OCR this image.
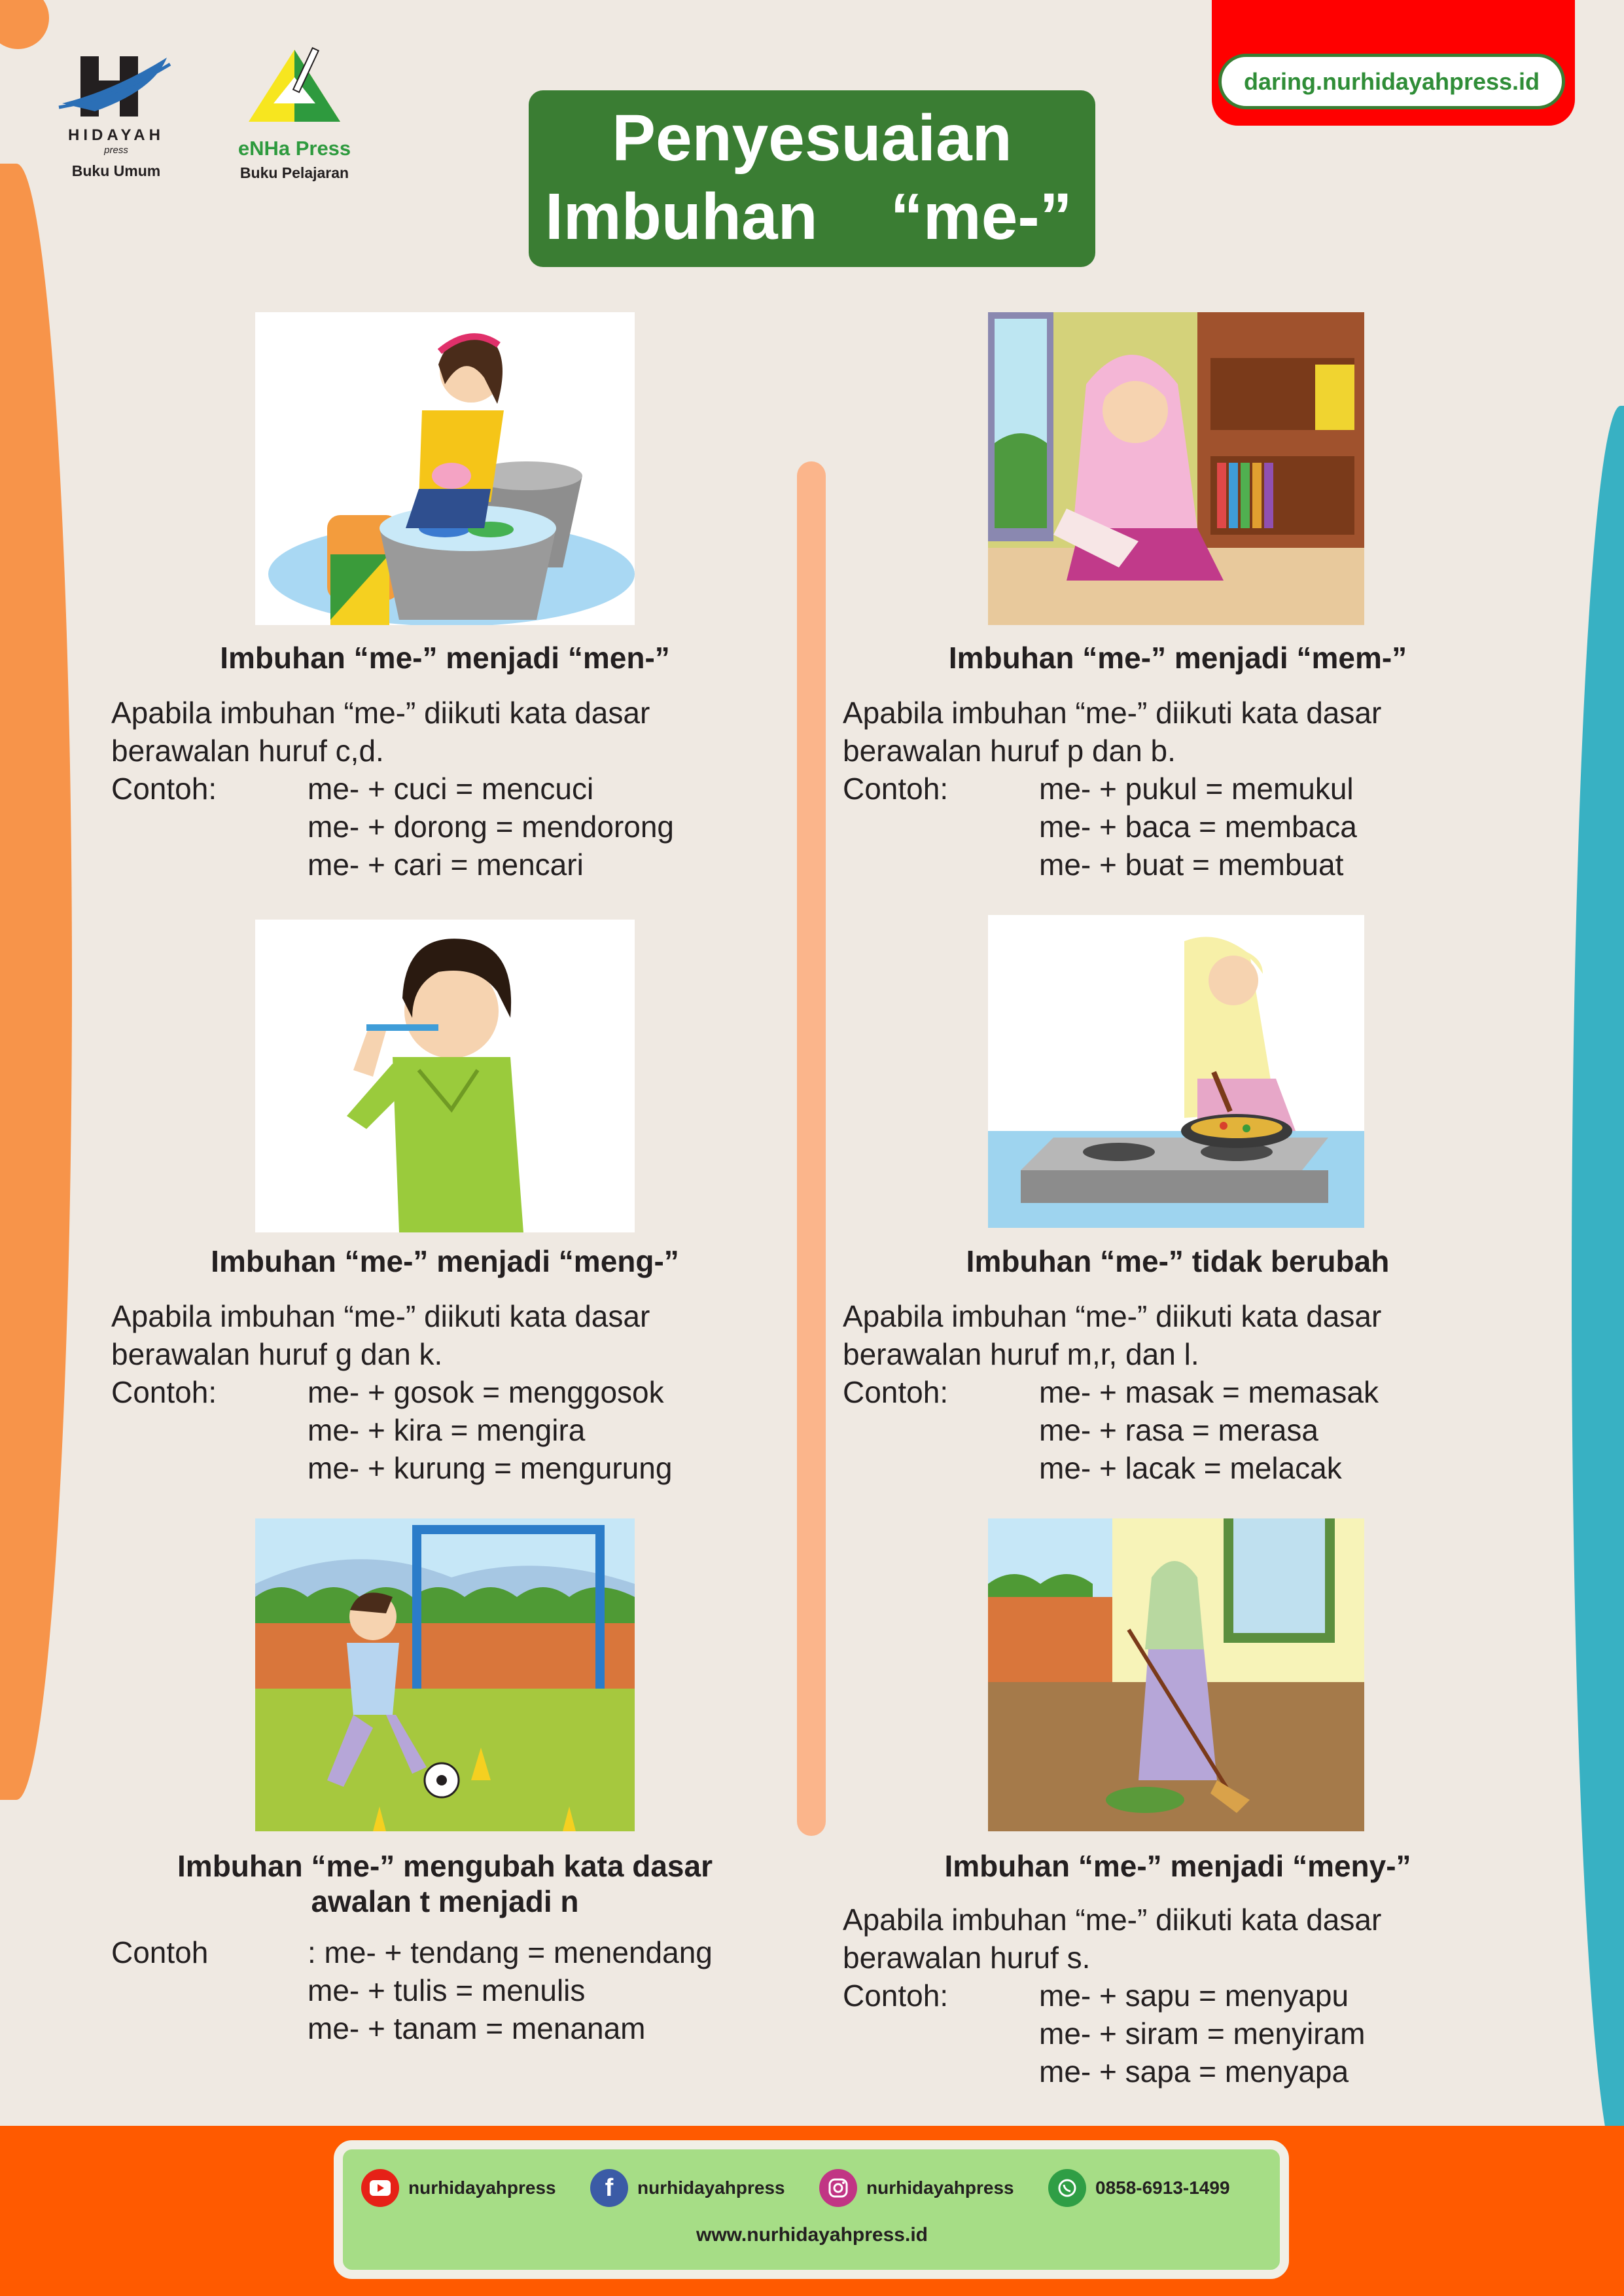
HIDAYAH
press
Buku Umum
eNHa Press
Buku Pelajaran
daring.nurhidayahpress.id
Penyesuaian
Imbuhan    “me-”
Imbuhan “me-” menjadi “men-”
Apabila imbuhan “me-” diikuti kata dasar
berawalan huruf c,d.
Contoh:	me- + cuci = mencuci
me- + dorong = mendorong
me- + cari = mencari
Imbuhan “me-” menjadi “mem-”
Apabila imbuhan “me-” diikuti kata dasar
berawalan huruf p dan b.
Contoh:	me- + pukul = memukul
me- + baca = membaca
me- + buat = membuat
Imbuhan “me-” menjadi “meng-”
Apabila imbuhan “me-” diikuti kata dasar
berawalan huruf g dan k.
Contoh:	me- + gosok = menggosok
me- + kira = mengira
me- + kurung = mengurung
Imbuhan “me-” tidak berubah
Apabila imbuhan “me-” diikuti kata dasar
berawalan huruf m,r, dan l.
Contoh:	me- + masak = memasak
me- + rasa = merasa
me- + lacak = melacak
Imbuhan “me-” mengubah kata dasar
awalan t menjadi n
Contoh	: me- + tendang = menendang
me- + tulis = menulis
me- + tanam = menanam
Imbuhan “me-” menjadi “meny-”
Apabila imbuhan “me-” diikuti kata dasar
berawalan huruf s.
Contoh:	me- + sapu = menyapu
me- + siram = menyiram
me- + sapa = menyapa
nurhidayahpress	f	nurhidayahpress	nurhidayahpress	0858-6913-1499
www.nurhidayahpress.id
